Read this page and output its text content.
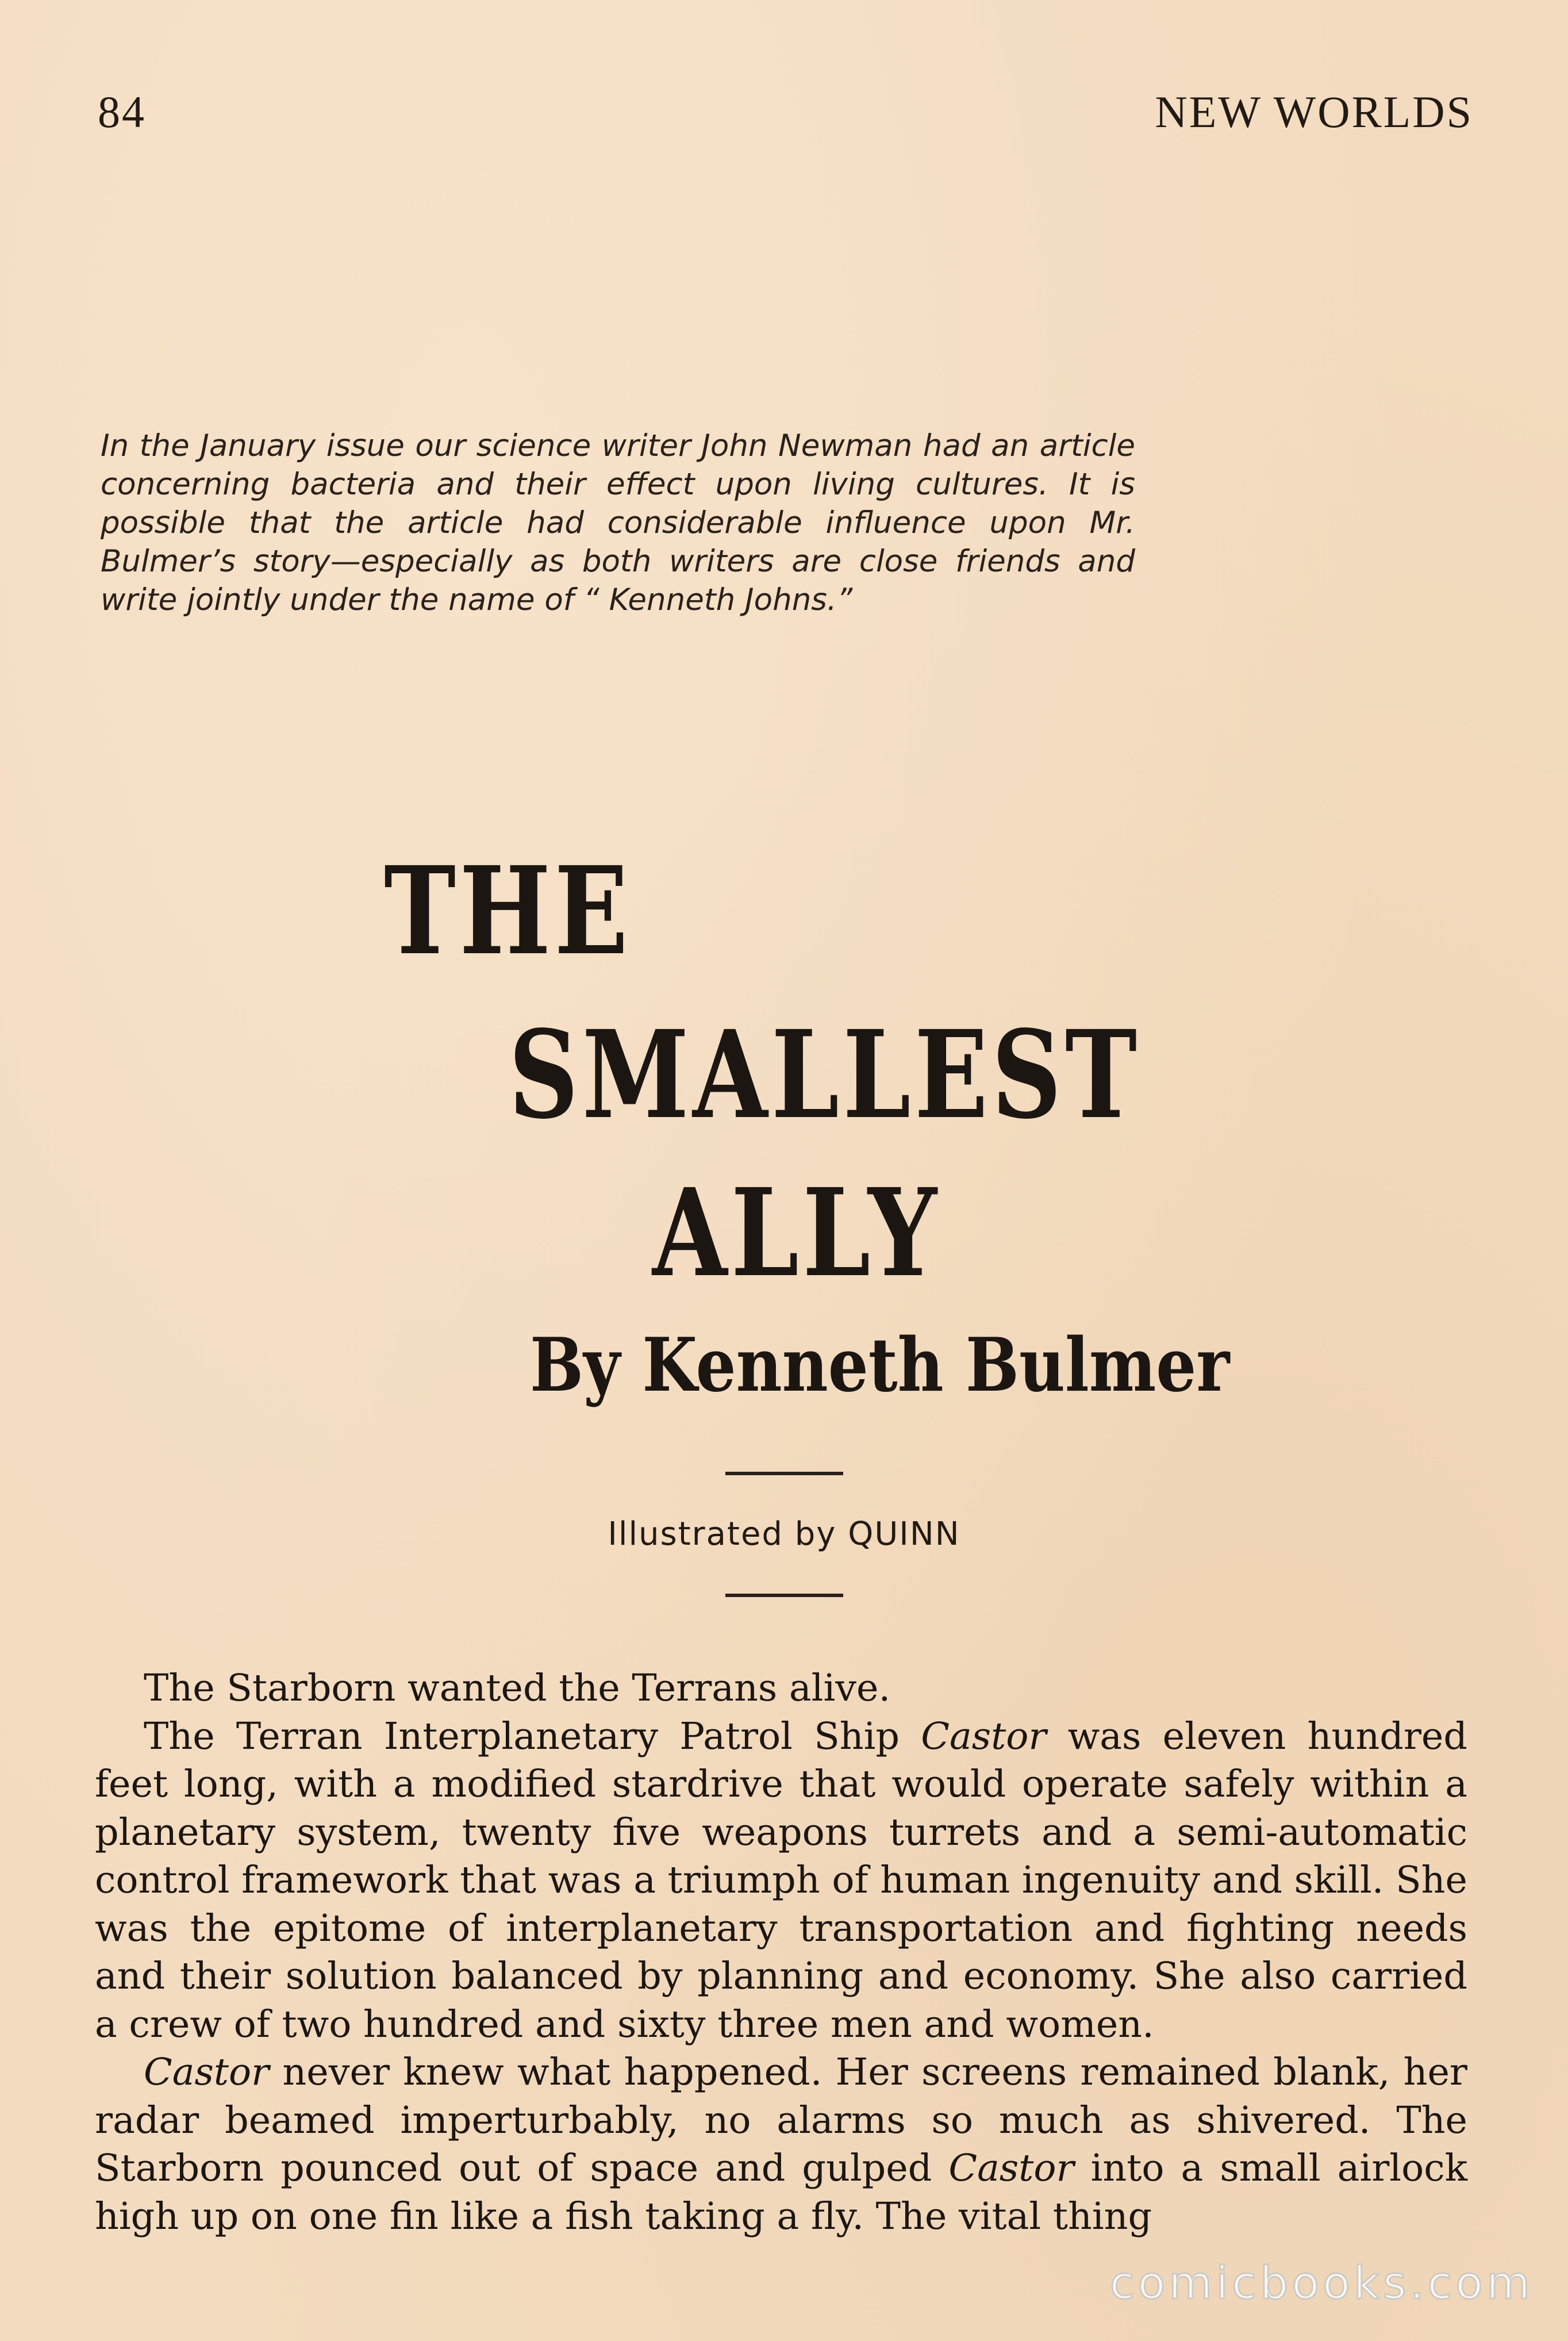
84	NEW WORLDS

In the January issue our science writer John Newman had an article concerning bacteria and their effect upon living cultures. It is possible that the article had considerable influence upon Mr. Bulmer’s story—especially as both writers are close friends and write jointly under the name of “ Kenneth Johns.”

THE
SMALLEST
ALLY
By Kenneth Bulmer
Illustrated by QUINN

The Starborn wanted the Terrans alive.

The Terran Interplanetary Patrol Ship Castor was eleven hundred feet long, with a modified stardrive that would operate safely within a planetary system, twenty five weapons turrets and a semi-automatic control framework that was a triumph of human ingenuity and skill. She was the epitome of interplanetary transportation and fighting needs and their solution balanced by planning and economy. She also carried a crew of two hundred and sixty three men and women.

Castor never knew what happened. Her screens remained blank, her radar beamed imperturbably, no alarms so much as shivered. The Starborn pounced out of space and gulped Castor into a small airlock high up on one fin like a fish taking a fly. The vital thing

comicbooks.com
